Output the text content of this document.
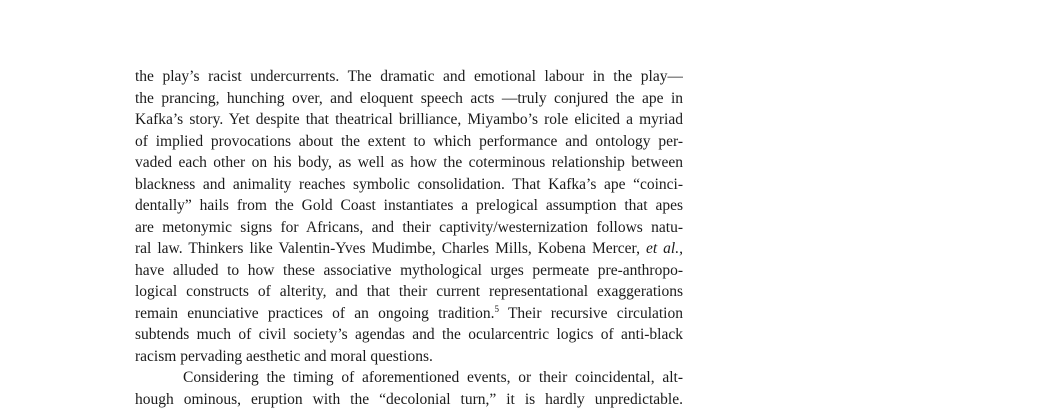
the play’s racist undercurrents. The dramatic and emotional labour in the play—
the prancing, hunching over, and eloquent speech acts —truly conjured the ape in
Kafka’s story. Yet despite that theatrical brilliance, Miyambo’s role elicited a myriad
of implied provocations about the extent to which performance and ontology per-
vaded each other on his body, as well as how the coterminous relationship between
blackness and animality reaches symbolic consolidation. That Kafka’s ape “coinci-
dentally” hails from the Gold Coast instantiates a prelogical assumption that apes
are metonymic signs for Africans, and their captivity/westernization follows natu-
ral law. Thinkers like Valentin-Yves Mudimbe, Charles Mills, Kobena Mercer, et al.,
have alluded to how these associative mythological urges permeate pre-anthropo-
logical constructs of alterity, and that their current representational exaggerations
remain enunciative practices of an ongoing tradition.$^5$ Their recursive circulation
subtends much of civil society’s agendas and the ocularcentric logics of anti-black
racism pervading aesthetic and moral questions.
Considering the timing of aforementioned events, or their coincidental, alt-
hough ominous, eruption with the “decolonial turn,” it is hardly unpredictable.
